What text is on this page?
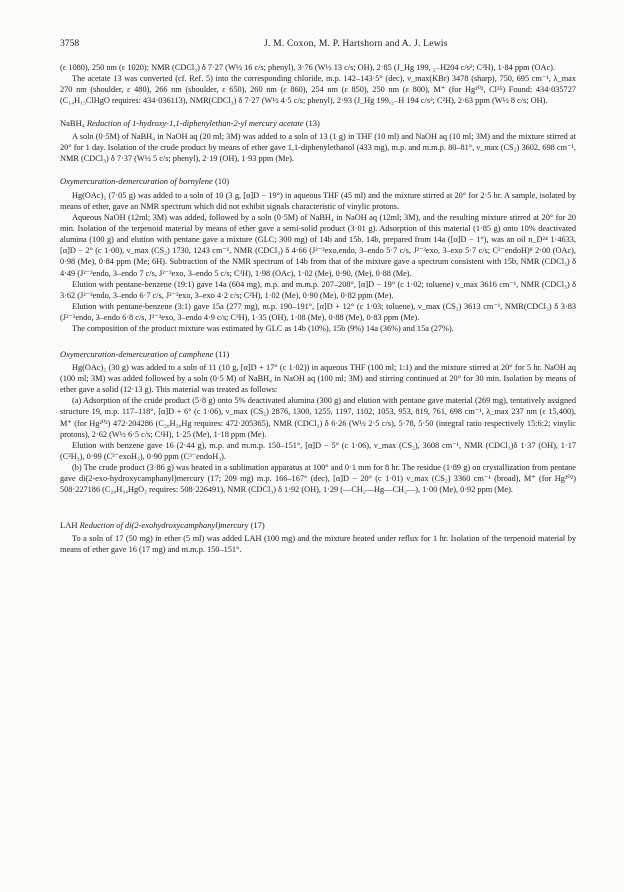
3758	J. M. Coxon, M. P. Hartshorn and A. J. Lewis

(ε 1080), 250 nm (ε 1020); NMR (CDCl₃) δ 7·27 (W½ 16 c/s; phenyl), 3·76 (W½ 13 c/s; OH), 2·85 (J_Hg 199, ₂₋H204 c/s²; C²H), 1·84 ppm (OAc).

The acetate 13 was converted (cf. Ref. 5) into the corresponding chloride, m.p. 142–143·5° (dec), ν_max(KBr) 3478 (sharp), 750, 695 cm⁻¹, λ_max 270 nm (shoulder, ε 480), 266 nm (shoulder, ε 650), 260 nm (ε 860), 254 nm (ε 850), 250 nm (ε 800), M⁺ (for Hg²⁰², Cl³⁵) Found: 434·035727 (C₁₄H₁₃ClHgO requires: 434·036113), NMR(CDCl₃) δ 7·27 (W½ 4·5 c/s; phenyl), 2·93 (J_Hg 199,₂₋H 194 c/s²; C²H), 2·63 ppm (W½ 8 c/s; OH).

NaBH₄ Reduction of 1-hydroxy-1,1-diphenylethan-2-yl mercury acetate (13)

A soln (0·5M) of NaBH₄ in NaOH aq (20 ml; 3M) was added to a soln of 13 (1 g) in THF (10 ml) and NaOH aq (10 ml; 3M) and the mixture stirred at 20° for 1 day. Isolation of the crude product by means of ether gave 1,1-diphenylethanol (433 mg), m.p. and m.m.p. 80–81°, ν_max (CS₂) 3602, 698 cm⁻¹, NMR (CDCl₃) δ 7·37 (W½ 5 c/s; phenyl), 2·19 (OH), 1·93 ppm (Me).

Oxymercuration-demercuration of bornylene (10)

Hg(OAc)₂ (7·05 g) was added to a soln of 10 (3 g, [α]D − 19°) in aqueous THF (45 ml) and the mixture stirred at 20° for 2·5 hr. A sample, isolated by means of ether, gave an NMR spectrum which did not exhibit signals characteristic of vinylic protons.

Aqueous NaOH (12ml; 3M) was added, followed by a soln (0·5M) of NaBH₄ in NaOH aq (12ml; 3M), and the resulting mixture stirred at 20° for 20 min. Isolation of the terpenoid material by means of ether gave a semi-solid product (3·01 g). Adsorption of this material (1·85 g) onto 10% deactivated alumina (100 g) and elution with pentane gave a mixture (GLC; 300 mg) of 14b and 15b. 14b, prepared from 14a ([α]D − 1°), was an oil n_D²⁴ 1·4633, [α]D − 2° (c 1·00), ν_max (CS₂) 1730, 1243 cm⁻¹, NMR (CDCl₃) δ 4·66 (J²⁻³exo,endo, 3–endo 5·7 c/s, J²⁻³exo, 3–exo 5·7 c/s; C²⁻endoH)⁸ 2·00 (OAc), 0·98 (Me), 0·84 ppm (Me; 6H). Subtraction of the NMR spectrum of 14b from that of the mixture gave a spectrum consistent with 15b, NMR (CDCl₃) δ 4·49 (J²⁻³endo, 3–endo 7 c/s, J²⁻³exo, 3–endo 5 c/s; C³H), 1·98 (OAc), 1·02 (Me), 0·90, (Me), 0·88 (Me).

Elution with pentane-benzene (19:1) gave 14a (604 mg), m.p. and m.m.p. 207–208°, [α]D − 19° (c 1·02; toluene) ν_max 3616 cm⁻¹, NMR (CDCl₃) δ 3·62 (J²⁻³endo, 3–endo 6·7 c/s, J²⁻³exo, 3–exo 4·2 c/s; C²H), 1·02 (Me), 0·90 (Me), 0·82 ppm (Me).

Elution with pentane-benzene (3:1) gave 15a (277 mg), m.p. 190–191°, [α]D + 12° (c 1·03; toluene), ν_max (CS₂) 3613 cm⁻¹, NMR(CDCl₃) δ 3·83 (J²⁻³endo, 3–endo 6·8 c/s, J²⁻³exo, 3–endo 4·9 c/s; C³H), 1·35 (OH), 1·08 (Me), 0·88 (Me), 0·83 ppm (Me).

The composition of the product mixture was estimated by GLC as 14b (10%), 15b (9%) 14a (36%) and 15a (27%).

Oxymercuration-demercuration of camphene (11)

Hg(OAc)₂ (30 g) was added to a soln of 11 (10 g, [α]D + 17° (c 1·02)) in aqueous THF (100 ml; 1:1) and the mixture stirred at 20° for 5 hr. NaOH aq (100 ml; 3M) was added followed by a soln (0·5 M) of NaBH₄ in NaOH aq (100 ml; 3M) and stirring continued at 20° for 30 min. Isolation by means of ether gave a solid (12·13 g). This material was treated as follows:

(a) Adsorption of the crude product (5·8 g) onto 5% deactivated alumina (300 g) and elution with pentane gave material (269 mg), tentatively assigned structure 19, m.p. 117–118°, [α]D + 6° (c 1·06), ν_max (CS₂) 2876, 1300, 1255, 1197, 1102, 1053, 953, 819, 761, 698 cm⁻¹, λ_max 237 nm (ε 15,400), M⁺ (for Hg²⁰²) 472·204286 (C₂₀H₃₀Hg requires: 472·205365), NMR (CDCl₃) δ 6·26 (W½ 2·5 c/s), 5·78, 5·50 (integral ratio respectively 15:6:2; vinylic protons), 2·62 (W½ 6·5 c/s; C¹H), 1·25 (Me), 1·18 ppm (Me).

Elution with benzene gave 16 (2·44 g), m.p. and m.m.p. 150–151°, [α]D − 5° (c 1·06), ν_max (CS₂), 3608 cm⁻¹, NMR (CDCl₃)δ 1·37 (OH), 1·17 (C²H₃), 0·99 (C³⁻exoH₃), 0·90 ppm (C³⁻endoH₃).

(b) The crude product (3·86 g) was heated in a sublimation apparatus at 100° and 0·1 mm for 8 hr. The residue (1·89 g) on crystallization from pentane gave di(2-exo-hydroxycamphanyl)mercury (17; 209 mg) m.p. 166–167° (dec), [α]D − 20° (c 1·01) ν_max (CS₂) 3360 cm⁻¹ (broad), M⁺ (for Hg²⁰²) 508·227186 (C₂₀H₃₄HgO₂ requires: 508·226491), NMR (CDCl₃) δ 1·92 (OH), 1·29 (—CH₂—Hg—CH₂—), 1·00 (Me), 0·92 ppm (Me).

LAH Reduction of di(2-exohydroxycamphanyl)mercury (17)

To a soln of 17 (50 mg) in ether (5 ml) was added LAH (100 mg) and the mixture heated under reflux for 1 hr. Isolation of the terpenoid material by means of ether gave 16 (17 mg) and m.m.p. 150–151°.
